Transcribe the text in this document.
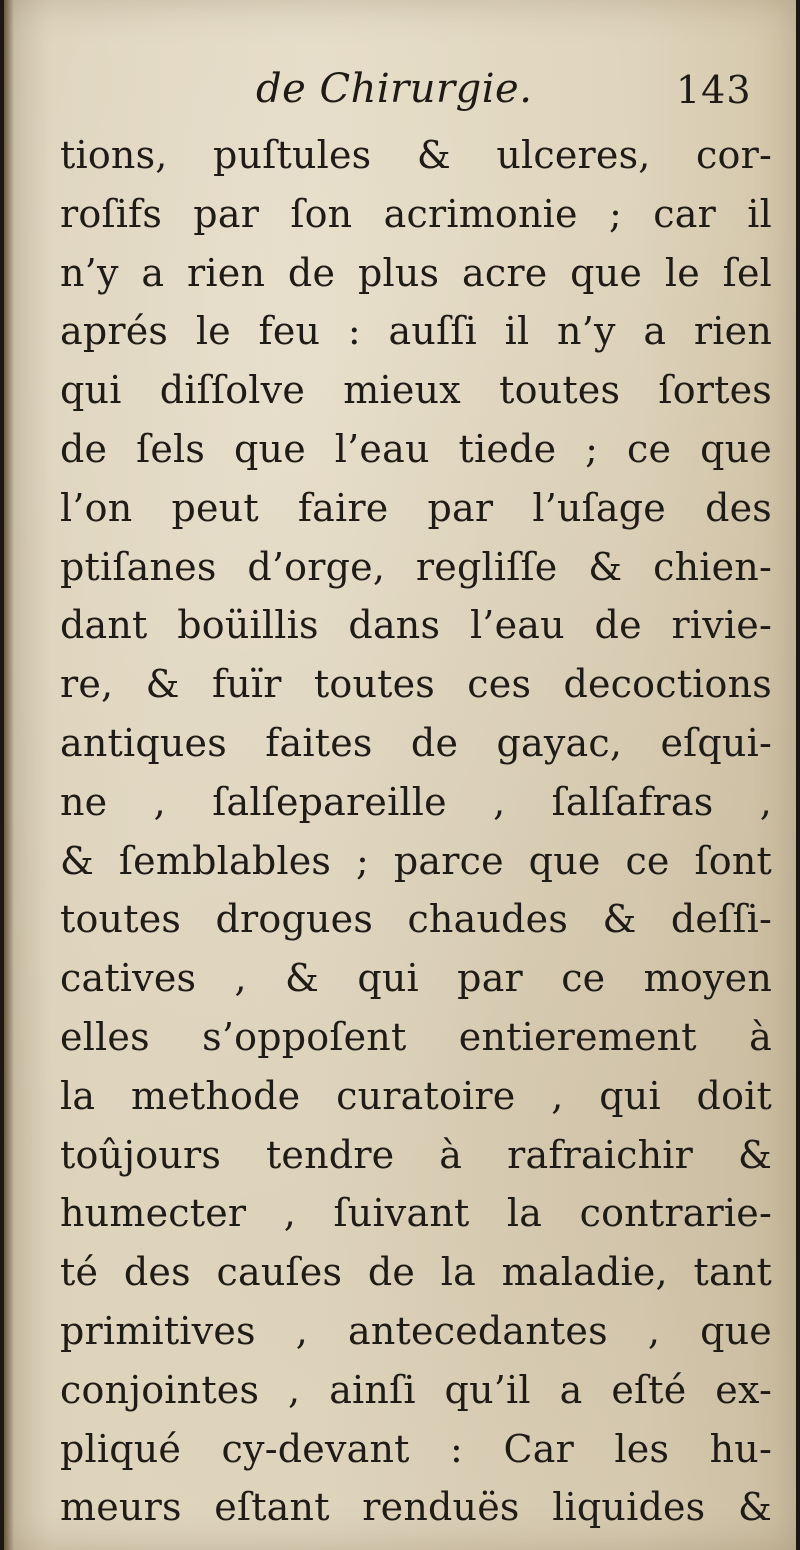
de Chirurgie.	143
tions, puſtules & ulceres, cor-
roſifs par ſon acrimonie ; car il
n’y a rien de plus acre que le ſel
aprés le feu : auſſi il n’y a rien
qui diſſolve mieux toutes ſortes
de ſels que l’eau tiede ; ce que
l’on peut faire par l’uſage des
ptiſanes d’orge, regliſſe & chien-
dant boüillis dans l’eau de rivie-
re, & fuïr toutes ces decoctions
antiques faites de gayac, eſqui-
ne , ſalſepareille , ſalſafras ,
& ſemblables ; parce que ce ſont
toutes drogues chaudes & deſſi-
catives , & qui par ce moyen
elles s’oppoſent entierement à
la methode curatoire , qui doit
toûjours tendre à rafraichir &
humecter , ſuivant la contrarie-
té des cauſes de la maladie, tant
primitives , antecedantes , que
conjointes , ainſi qu’il a eſté ex-
pliqué cy-devant : Car les hu-
meurs eſtant renduës liquides &
